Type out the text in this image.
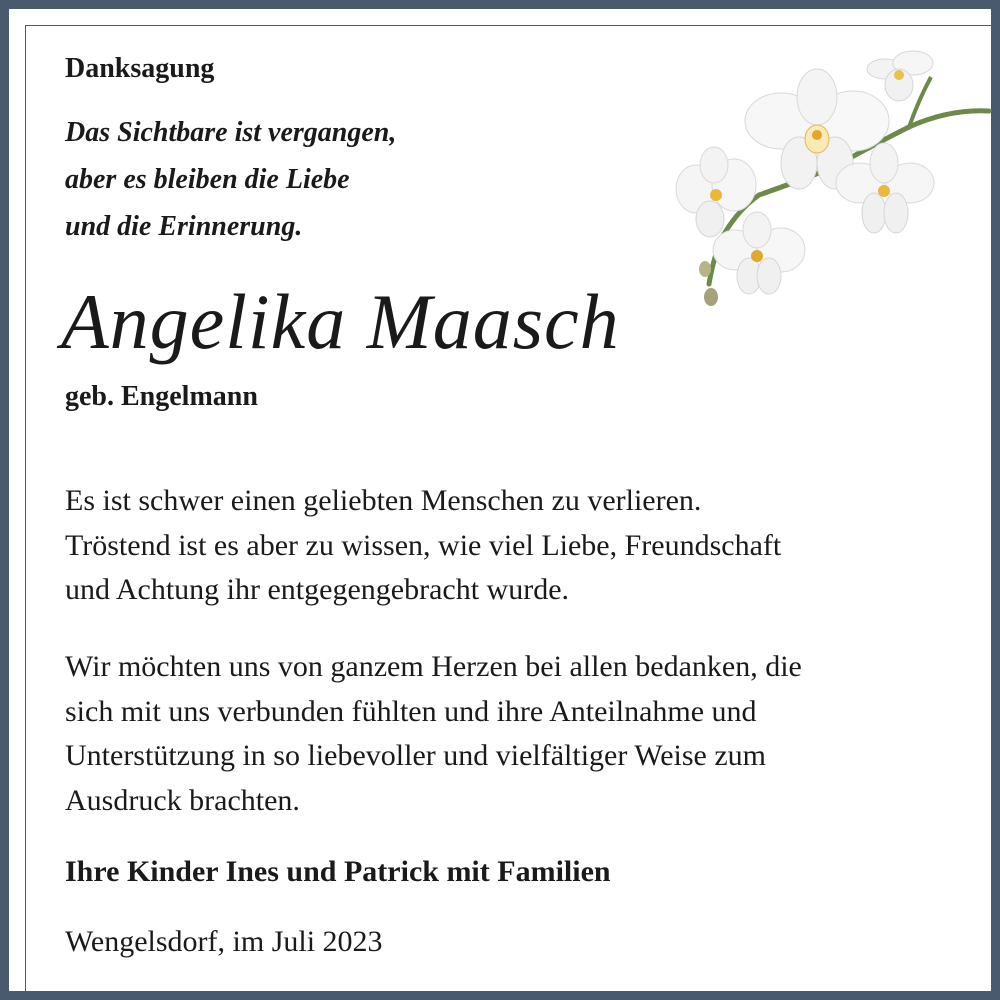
Danksagung

Das Sichtbare ist vergangen,
aber es bleiben die Liebe
und die Erinnerung.

Angelika Maasch

geb. Engelmann

Es ist schwer einen geliebten Menschen zu verlieren.
Tröstend ist es aber zu wissen, wie viel Liebe, Freundschaft
und Achtung ihr entgegengebracht wurde.
Wir möchten uns von ganzem Herzen bei allen bedanken, die
sich mit uns verbunden fühlten und ihre Anteilnahme und
Unterstützung in so liebevoller und vielfältiger Weise zum
Ausdruck brachten.

Ihre Kinder Ines und Patrick mit Familien

Wengelsdorf, im Juli 2023
